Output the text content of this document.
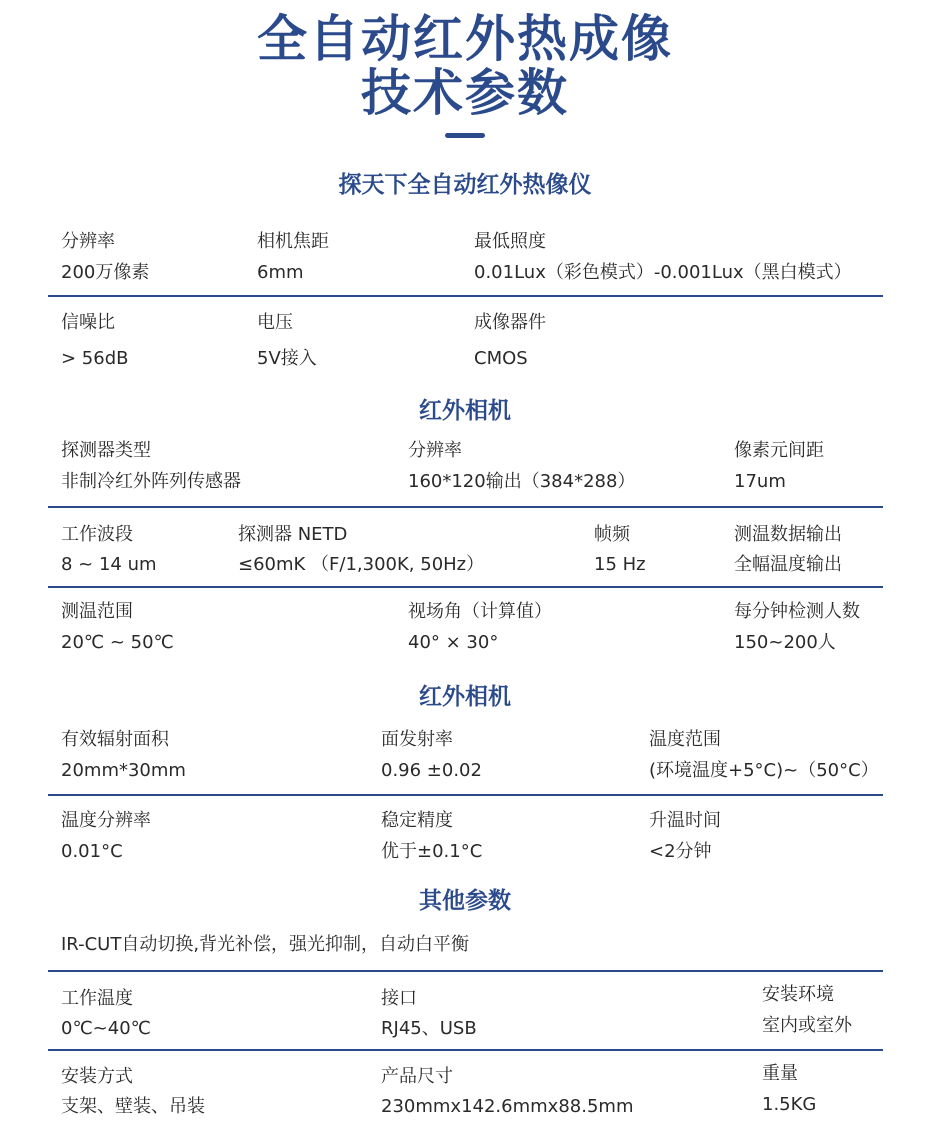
全自动红外热成像
技术参数
探天下全自动红外热像仪
分辨率
200万像素
相机焦距
6mm
最低照度
0.01Lux（彩色模式）-0.001Lux（黑白模式）
信噪比
> 56dB
电压
5V接入
成像器件
CMOS
红外相机
探测器类型
非制冷红外阵列传感器
分辨率
160*120输出（384*288）
像素元间距
17um
工作波段
8 ~ 14 um
探测器 NETD
≤60mK （F/1,300K, 50Hz）
帧频
15 Hz
测温数据输出
全幅温度输出
测温范围
20℃ ~ 50℃
视场角（计算值）
40° × 30°
每分钟检测人数
150~200人
红外相机
有效辐射面积
20mm*30mm
面发射率
0.96 ±0.02
温度范围
(环境温度+5°C)~（50°C）
温度分辨率
0.01°C
稳定精度
优于±0.1°C
升温时间
<2分钟
其他参数
IR-CUT自动切换,背光补偿，强光抑制，自动白平衡
工作温度
0℃~40℃
接口
RJ45、USB
安装环境
室内或室外
安装方式
支架、壁装、吊装
产品尺寸
230mmx142.6mmx88.5mm
重量
1.5KG
